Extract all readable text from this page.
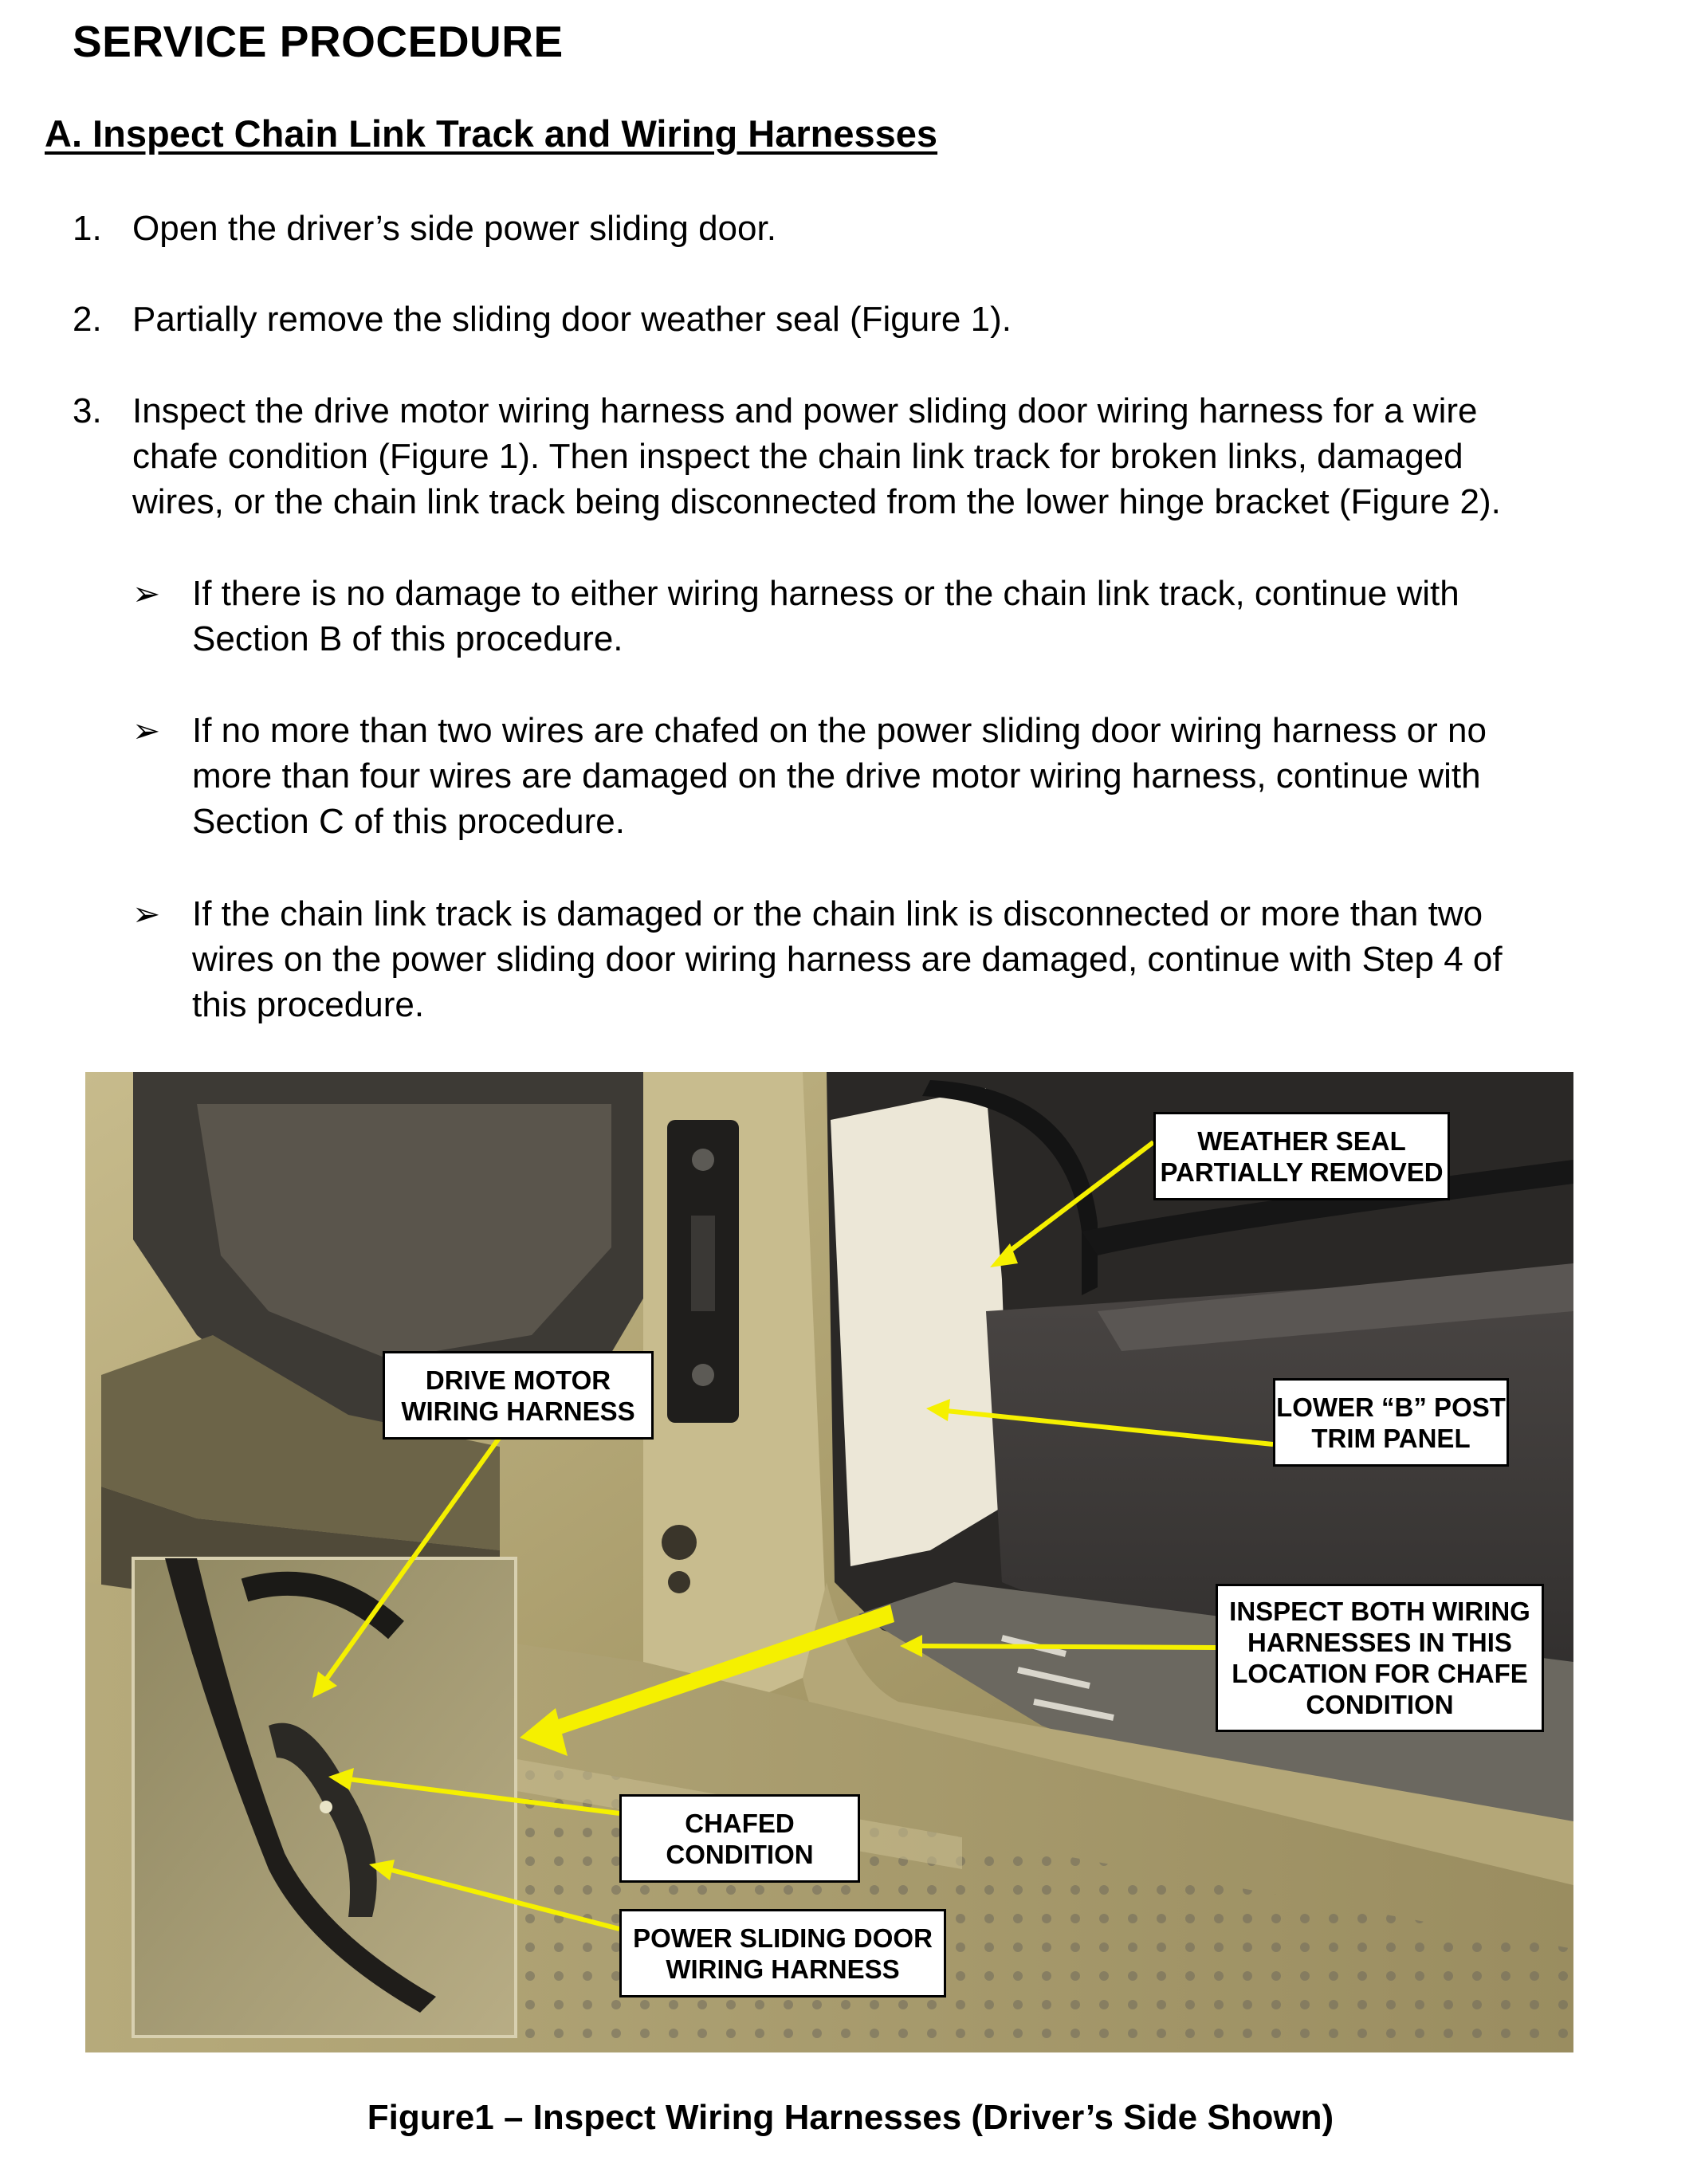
SERVICE PROCEDURE
A. Inspect Chain Link Track and Wiring Harnesses
1. Open the driver’s side power sliding door.
2. Partially remove the sliding door weather seal (Figure 1).
3. Inspect the drive motor wiring harness and power sliding door wiring harness for a wire
chafe condition (Figure 1). Then inspect the chain link track for broken links, damaged
wires, or the chain link track being disconnected from the lower hinge bracket (Figure 2).
➢ If there is no damage to either wiring harness or the chain link track, continue with
Section B of this procedure.
➢ If no more than two wires are chafed on the power sliding door wiring harness or no
more than four wires are damaged on the drive motor wiring harness, continue with
Section C of this procedure.
➢ If the chain link track is damaged or the chain link is disconnected or more than two
wires on the power sliding door wiring harness are damaged, continue with Step 4 of
this procedure.
WEATHER SEAL
PARTIALLY REMOVED
DRIVE MOTOR
WIRING HARNESS	LOWER “B” POST
TRIM PANEL
INSPECT BOTH WIRING
HARNESSES IN THIS
LOCATION FOR CHAFE
CONDITION
CHAFED
CONDITION
POWER SLIDING DOOR
WIRING HARNESS
Figure1 – Inspect Wiring Harnesses (Driver’s Side Shown)
